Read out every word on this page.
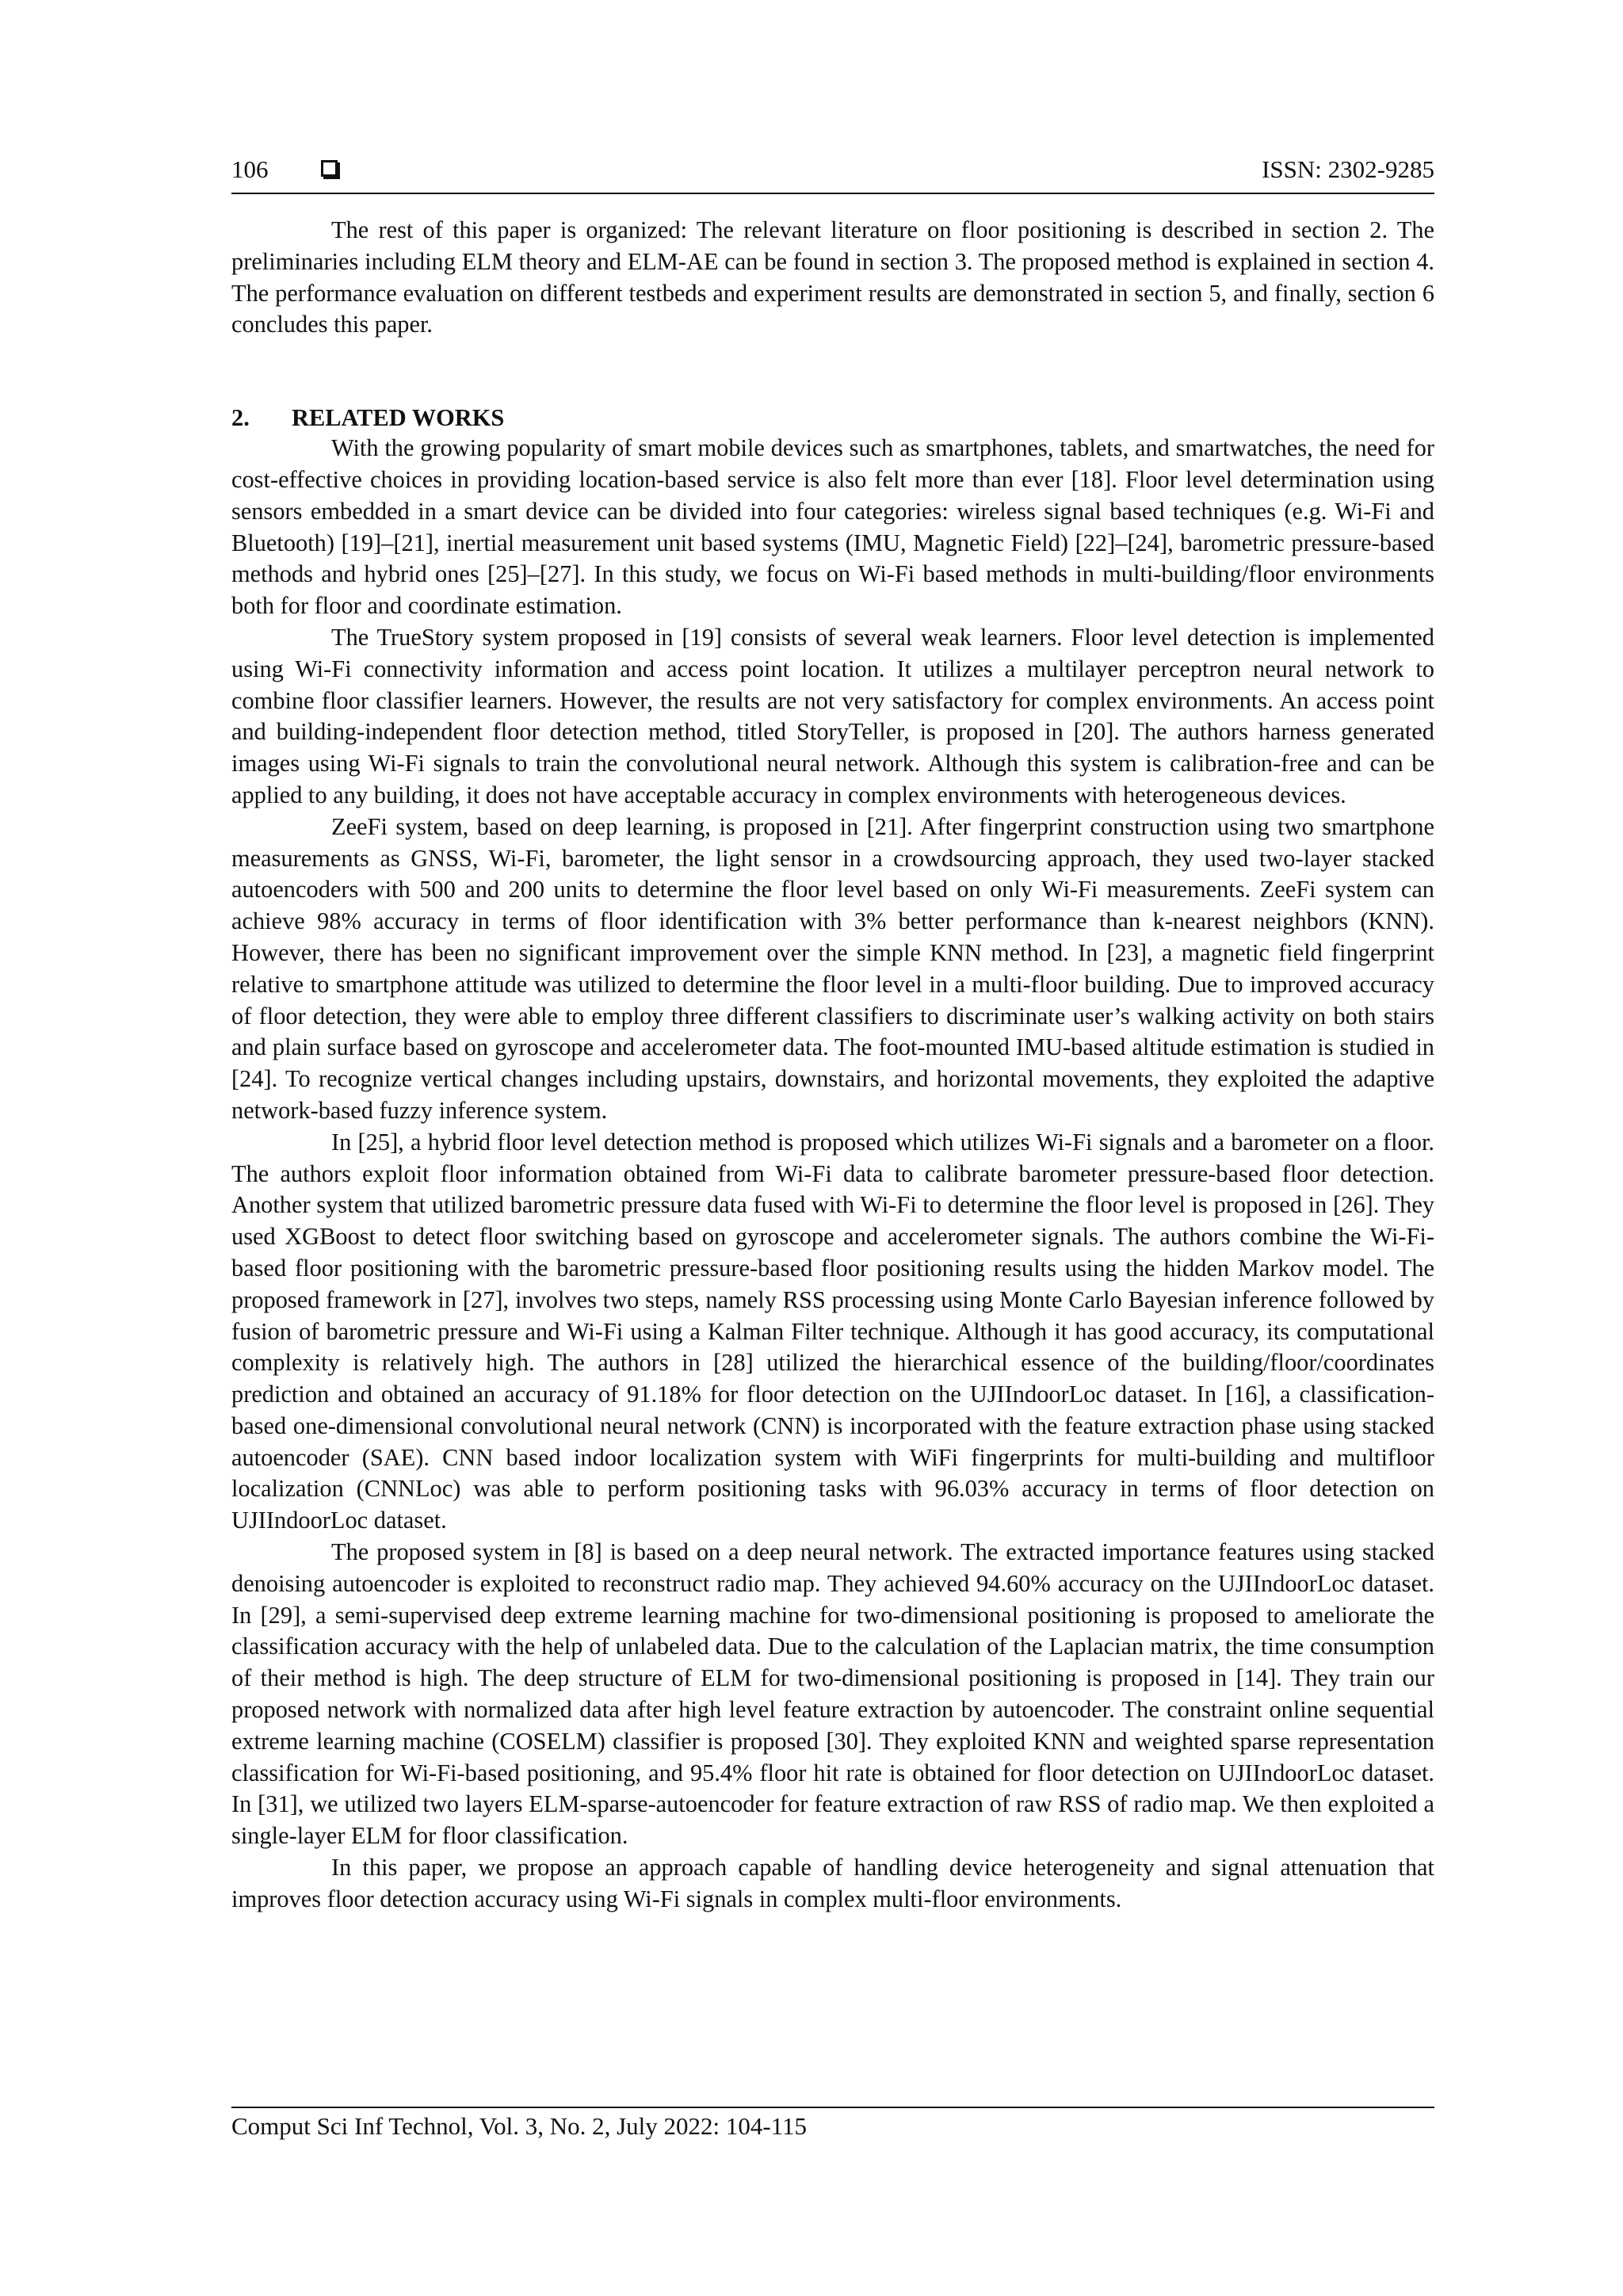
106	ISSN: 2302-9285

The rest of this paper is organized: The relevant literature on floor positioning is described in section 2. The preliminaries including ELM theory and ELM-AE can be found in section 3. The proposed method is explained in section 4. The performance evaluation on different testbeds and experiment results are demonstrated in section 5, and finally, section 6 concludes this paper.

2. RELATED WORKS

With the growing popularity of smart mobile devices such as smartphones, tablets, and smartwatches, the need for cost-effective choices in providing location-based service is also felt more than ever [18]. Floor level determination using sensors embedded in a smart device can be divided into four categories: wireless signal based techniques (e.g. Wi-Fi and Bluetooth) [19]–[21], inertial measurement unit based systems (IMU, Magnetic Field) [22]–[24], barometric pressure-based methods and hybrid ones [25]–[27]. In this study, we focus on Wi-Fi based methods in multi-building/floor environments both for floor and coordinate estimation.

The TrueStory system proposed in [19] consists of several weak learners. Floor level detection is implemented using Wi-Fi connectivity information and access point location. It utilizes a multilayer perceptron neural network to combine floor classifier learners. However, the results are not very satisfactory for complex environments. An access point and building-independent floor detection method, titled StoryTeller, is proposed in [20]. The authors harness generated images using Wi-Fi signals to train the convolutional neural network. Although this system is calibration-free and can be applied to any building, it does not have acceptable accuracy in complex environments with heterogeneous devices.

ZeeFi system, based on deep learning, is proposed in [21]. After fingerprint construction using two smartphone measurements as GNSS, Wi-Fi, barometer, the light sensor in a crowdsourcing approach, they used two-layer stacked autoencoders with 500 and 200 units to determine the floor level based on only Wi-Fi measurements. ZeeFi system can achieve 98% accuracy in terms of floor identification with 3% better performance than k-nearest neighbors (KNN). However, there has been no significant improvement over the simple KNN method. In [23], a magnetic field fingerprint relative to smartphone attitude was utilized to determine the floor level in a multi-floor building. Due to improved accuracy of floor detection, they were able to employ three different classifiers to discriminate user’s walking activity on both stairs and plain surface based on gyroscope and accelerometer data. The foot-mounted IMU-based altitude estimation is studied in [24]. To recognize vertical changes including upstairs, downstairs, and horizontal movements, they exploited the adaptive network-based fuzzy inference system.

In [25], a hybrid floor level detection method is proposed which utilizes Wi-Fi signals and a barometer on a floor. The authors exploit floor information obtained from Wi-Fi data to calibrate barometer pressure-based floor detection. Another system that utilized barometric pressure data fused with Wi-Fi to determine the floor level is proposed in [26]. They used XGBoost to detect floor switching based on gyroscope and accelerometer signals. The authors combine the Wi-Fi-based floor positioning with the barometric pressure-based floor positioning results using the hidden Markov model. The proposed framework in [27], involves two steps, namely RSS processing using Monte Carlo Bayesian inference followed by fusion of barometric pressure and Wi-Fi using a Kalman Filter technique. Although it has good accuracy, its computational complexity is relatively high. The authors in [28] utilized the hierarchical essence of the building/floor/coordinates prediction and obtained an accuracy of 91.18% for floor detection on the UJIIndoorLoc dataset. In [16], a classification-based one-dimensional convolutional neural network (CNN) is incorporated with the feature extraction phase using stacked autoencoder (SAE). CNN based indoor localization system with WiFi fingerprints for multi-building and multifloor localization (CNNLoc) was able to perform positioning tasks with 96.03% accuracy in terms of floor detection on UJIIndoorLoc dataset.

The proposed system in [8] is based on a deep neural network. The extracted importance features using stacked denoising autoencoder is exploited to reconstruct radio map. They achieved 94.60% accuracy on the UJIIndoorLoc dataset. In [29], a semi-supervised deep extreme learning machine for two-dimensional positioning is proposed to ameliorate the classification accuracy with the help of unlabeled data. Due to the calculation of the Laplacian matrix, the time consumption of their method is high. The deep structure of ELM for two-dimensional positioning is proposed in [14]. They train our proposed network with normalized data after high level feature extraction by autoencoder. The constraint online sequential extreme learning machine (COSELM) classifier is proposed [30]. They exploited KNN and weighted sparse representation classification for Wi-Fi-based positioning, and 95.4% floor hit rate is obtained for floor detection on UJIIndoorLoc dataset. In [31], we utilized two layers ELM-sparse-autoencoder for feature extraction of raw RSS of radio map. We then exploited a single-layer ELM for floor classification.

In this paper, we propose an approach capable of handling device heterogeneity and signal attenuation that improves floor detection accuracy using Wi-Fi signals in complex multi-floor environments.

Comput Sci Inf Technol, Vol. 3, No. 2, July 2022: 104-115
